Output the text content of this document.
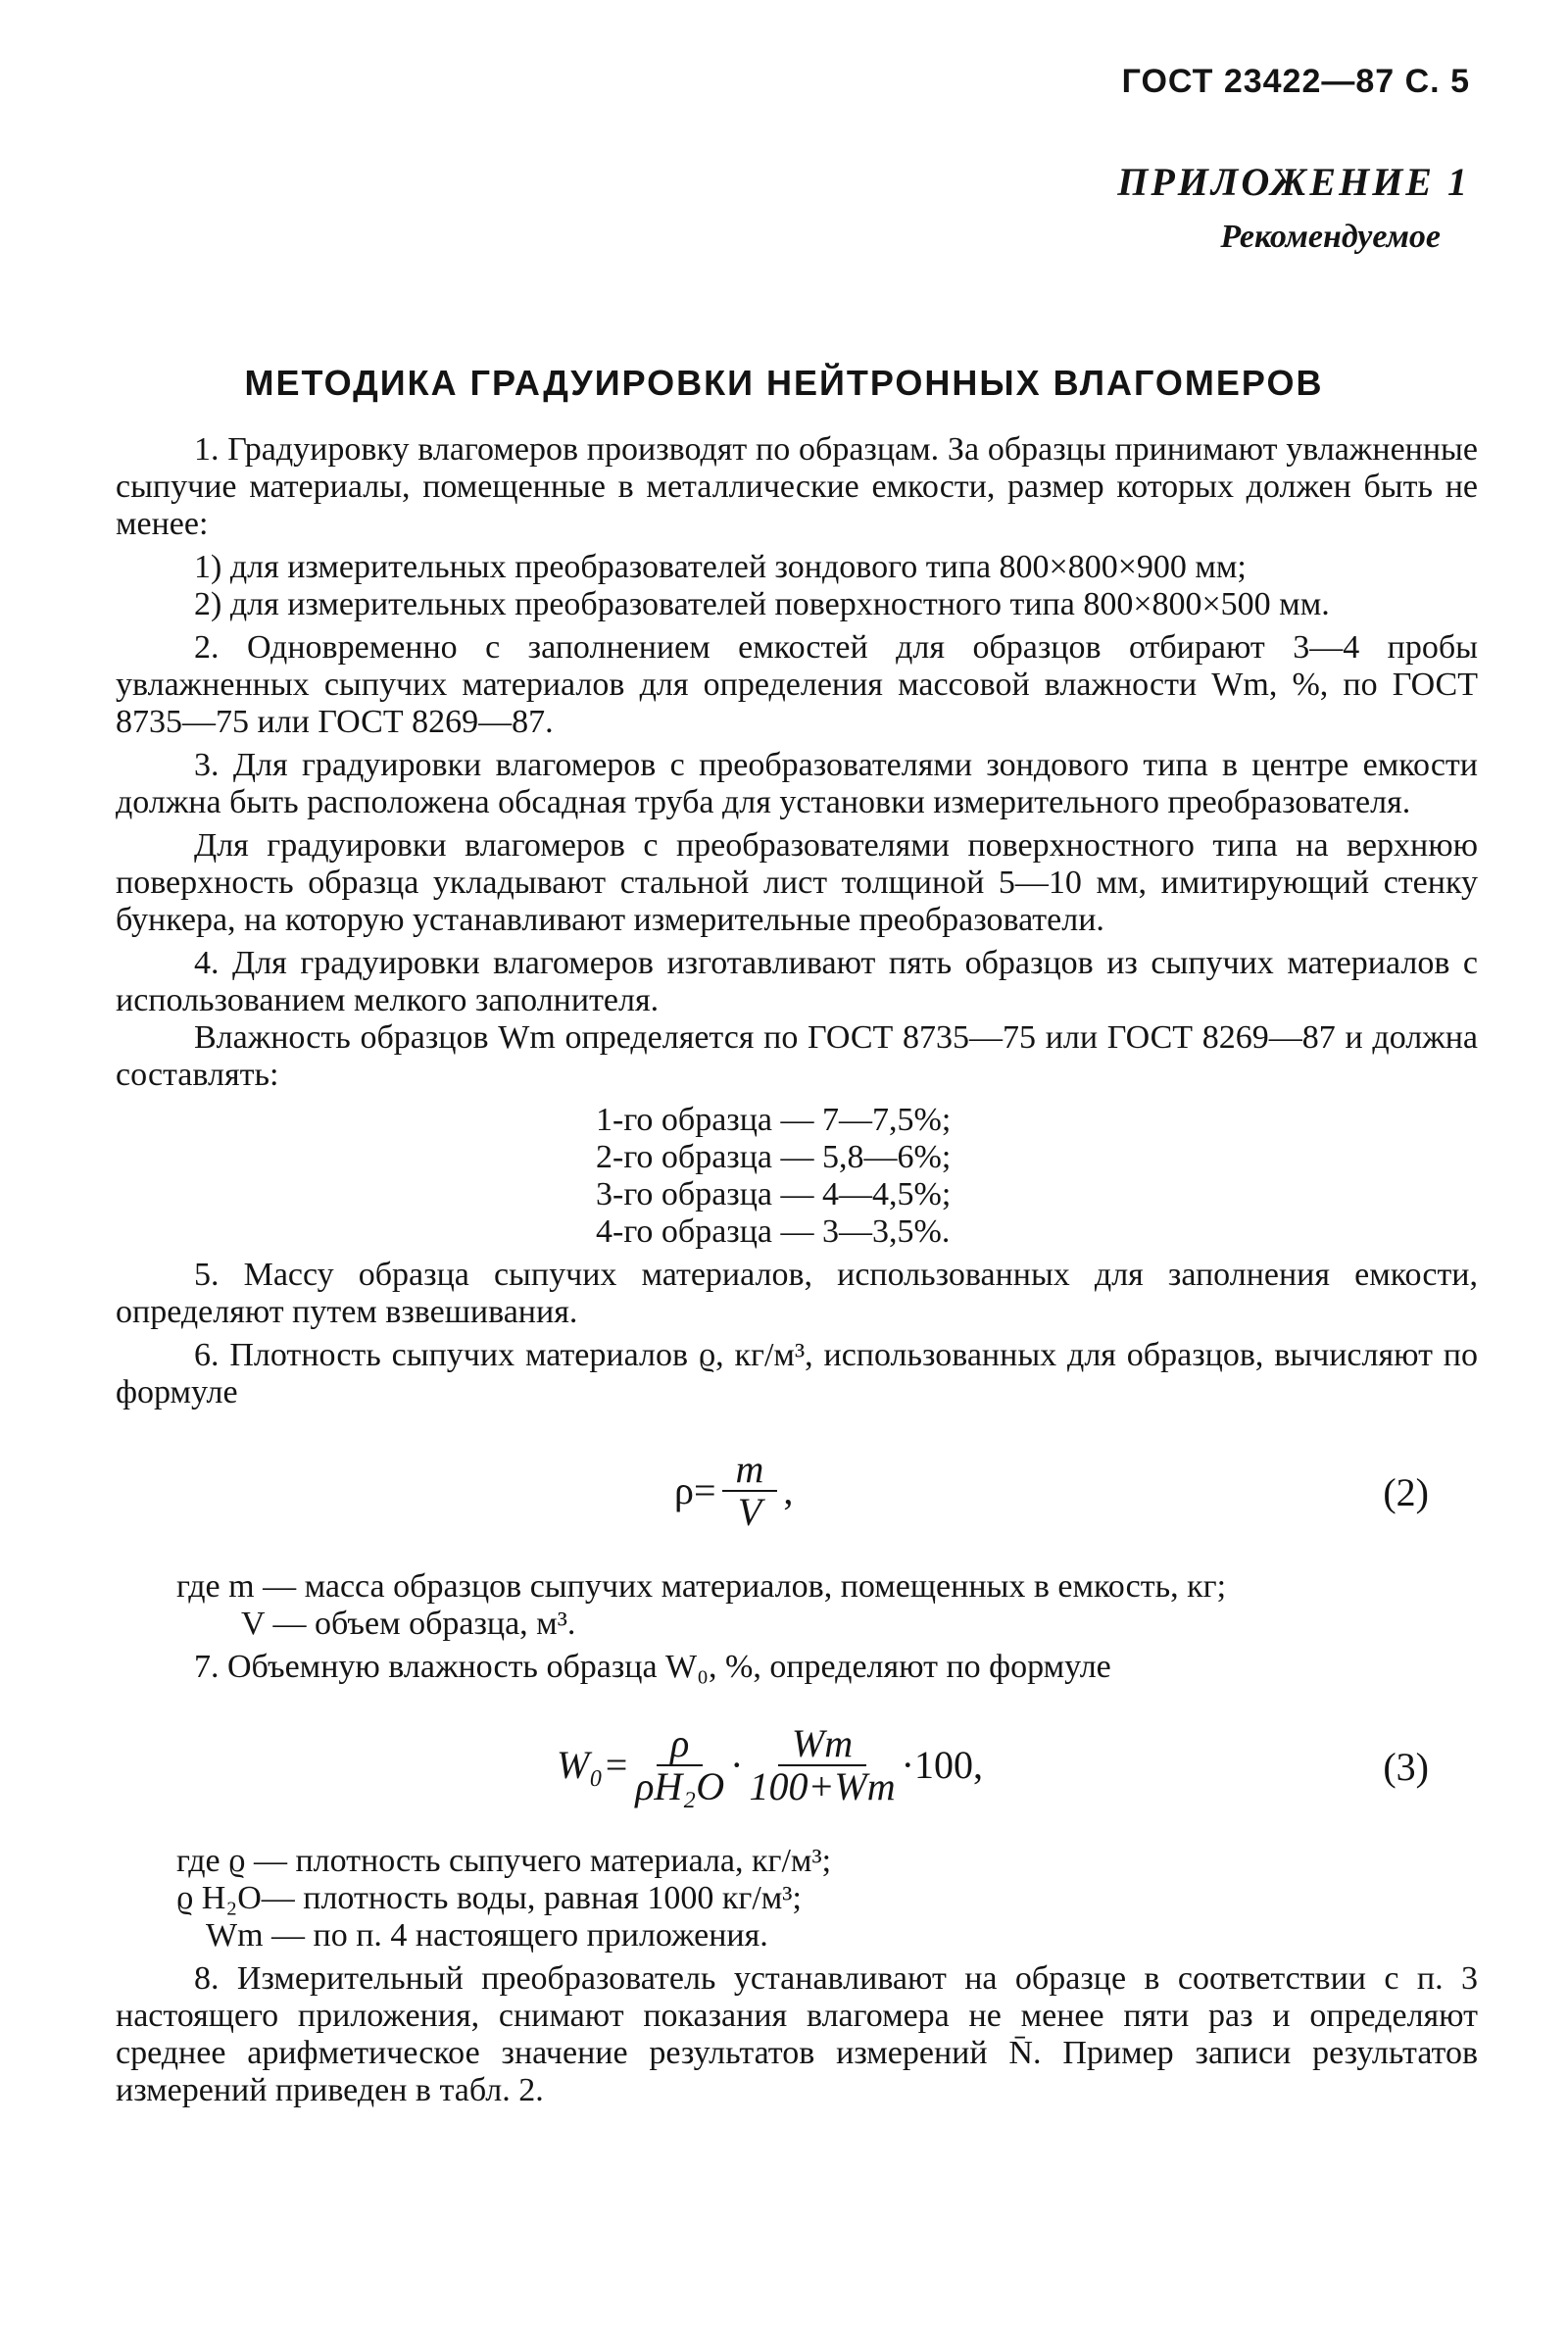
ГОСТ 23422—87 С. 5
ПРИЛОЖЕНИЕ 1
Рекомендуемое
МЕТОДИКА ГРАДУИРОВКИ НЕЙТРОННЫХ ВЛАГОМЕРОВ

1. Градуировку влагомеров производят по образцам. За образцы принимают увлажненные сыпучие материалы, помещенные в металлические емкости, размер которых должен быть не менее:

1) для измерительных преобразователей зондового типа 800×800×900 мм;

2) для измерительных преобразователей поверхностного типа 800×800×500 мм.

2. Одновременно с заполнением емкостей для образцов отбирают 3—4 пробы увлажненных сыпучих материалов для определения массовой влажности Wm, %, по ГОСТ 8735—75 или ГОСТ 8269—87.

3. Для градуировки влагомеров с преобразователями зондового типа в центре емкости должна быть расположена обсадная труба для установки измерительного преобразователя.

Для градуировки влагомеров с преобразователями поверхностного типа на верхнюю поверхность образца укладывают стальной лист толщиной 5—10 мм, имитирующий стенку бункера, на которую устанавливают измерительные преобразователи.

4. Для градуировки влагомеров изготавливают пять образцов из сыпучих материалов с использованием мелкого заполнителя.

Влажность образцов Wm определяется по ГОСТ 8735—75 или ГОСТ 8269—87 и должна составлять:

1-го образца — 7—7,5%;
2-го образца — 5,8—6%;
3-го образца — 4—4,5%;
4-го образца — 3—3,5%.

5. Массу образца сыпучих материалов, использованных для заполнения емкости, определяют путем взвешивания.

6. Плотность сыпучих материалов ϱ, кг/м³, использованных для образцов, вычисляют по формуле

$\rho= \frac{m}{V}$ ,	(2)

где m — масса образцов сыпучих материалов, помещенных в емкость, кг;

V — объем образца, м³.

7. Объемную влажность образца W₀, %, определяют по формуле

$W_0= \frac{\rho}{\text{ρH₂O}} \cdot \frac{Wm}{100+Wm} \cdot 100$,	(3)

где ϱ — плотность сыпучего материала, кг/м³;

ϱ H₂O— плотность воды, равная 1000 кг/м³;

Wm — по п. 4 настоящего приложения.

8. Измерительный преобразователь устанавливают на образце в соответствии с п. 3 настоящего приложения, снимают показания влагомера не менее пяти раз и определяют среднее арифметическое значение результатов измерений N̄. Пример записи результатов измерений приведен в табл. 2.
